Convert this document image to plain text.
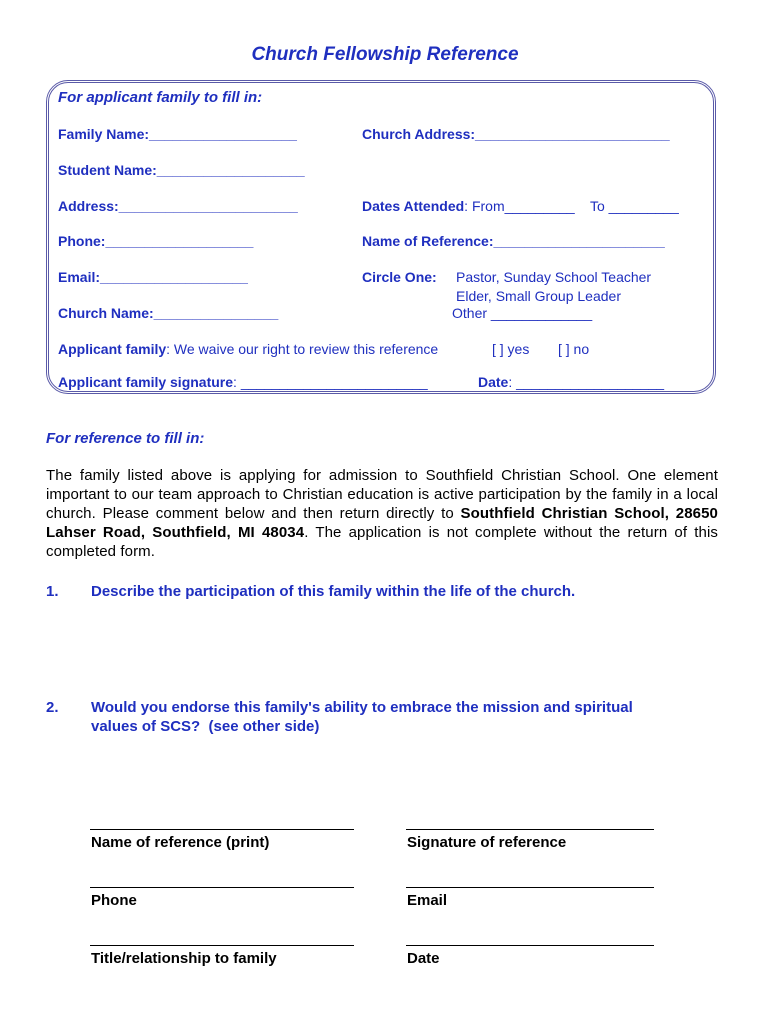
Church Fellowship Reference
For applicant family to fill in:
Family Name:___________________	Church Address:_________________________
Student Name:___________________
Address:_______________________	Dates Attended: From_________    To _________
Phone:___________________	Name of Reference:______________________
Email:___________________	Circle One: Pastor, Sunday School Teacher
Elder, Small Group Leader
Other _____________
Church Name:________________
Applicant family: We waive our right to review this reference	[ ] yes [ ] no
Applicant family signature: ________________________	Date: ___________________
For reference to fill in:
The family listed above is applying for admission to Southfield Christian School. One element important to our team approach to Christian education is active participation by the family in a local church. Please comment below and then return directly to Southfield Christian School, 28650 Lahser Road, Southfield, MI 48034. The application is not complete without the return of this completed form.
1. Describe the participation of this family within the life of the church.
2. Would you endorse this family's ability to embrace the mission and spiritual
values of SCS?  (see other side)
Name of reference (print)	Signature of reference
Phone	Email
Title/relationship to family	Date
